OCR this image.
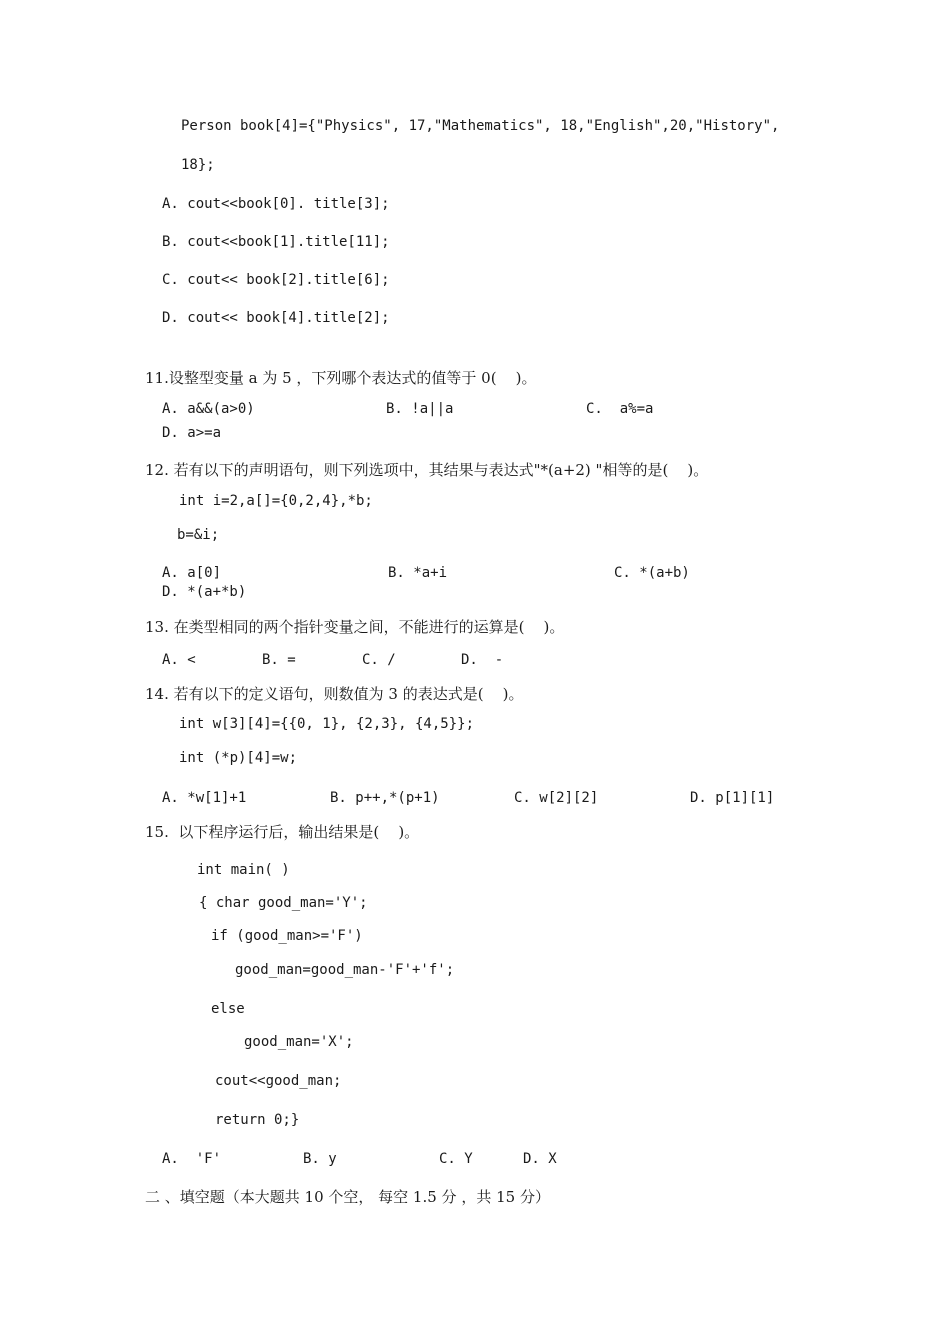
Person book[4]={"Physics", 17,"Mathematics", 18,"English",20,"History",
18};
A. cout<<book[0]. title[3];
B. cout<<book[1].title[11];
C. cout<< book[2].title[6];
D. cout<< book[4].title[2];
11.设整型变量 a 为 5 ，下列哪个表达式的值等于 0(    )。
A. a&&(a>0)	B. !a||a	C.  a%=a
D. a>=a
12. 若有以下的声明语句，则下列选项中，其结果与表达式"*(a+2) "相等的是(    )。
int i=2,a[]={0,2,4},*b;
b=&i;
A. a[0]	B. *a+i	C. *(a+b)
D. *(a+*b)
13. 在类型相同的两个指针变量之间，不能进行的运算是(    )。
A. <	B. =	C. /	D.  -
14. 若有以下的定义语句，则数值为 3 的表达式是(    )。
int w[3][4]={{0, 1}, {2,3}, {4,5}};
int (*p)[4]=w;
A. *w[1]+1	B. p++,*(p+1)	C. w[2][2]	D. p[1][1]
15.  以下程序运行后，输出结果是(    )。
int main( )
{ char good_man='Y';
if (good_man>='F')
good_man=good_man-'F'+'f';
else
good_man='X';
cout<<good_man;
return 0;}
A.  'F'	B. y	C. Y	D. X
二 、填空题（本大题共 10 个空， 每空 1.5 分 ，共 15 分）
